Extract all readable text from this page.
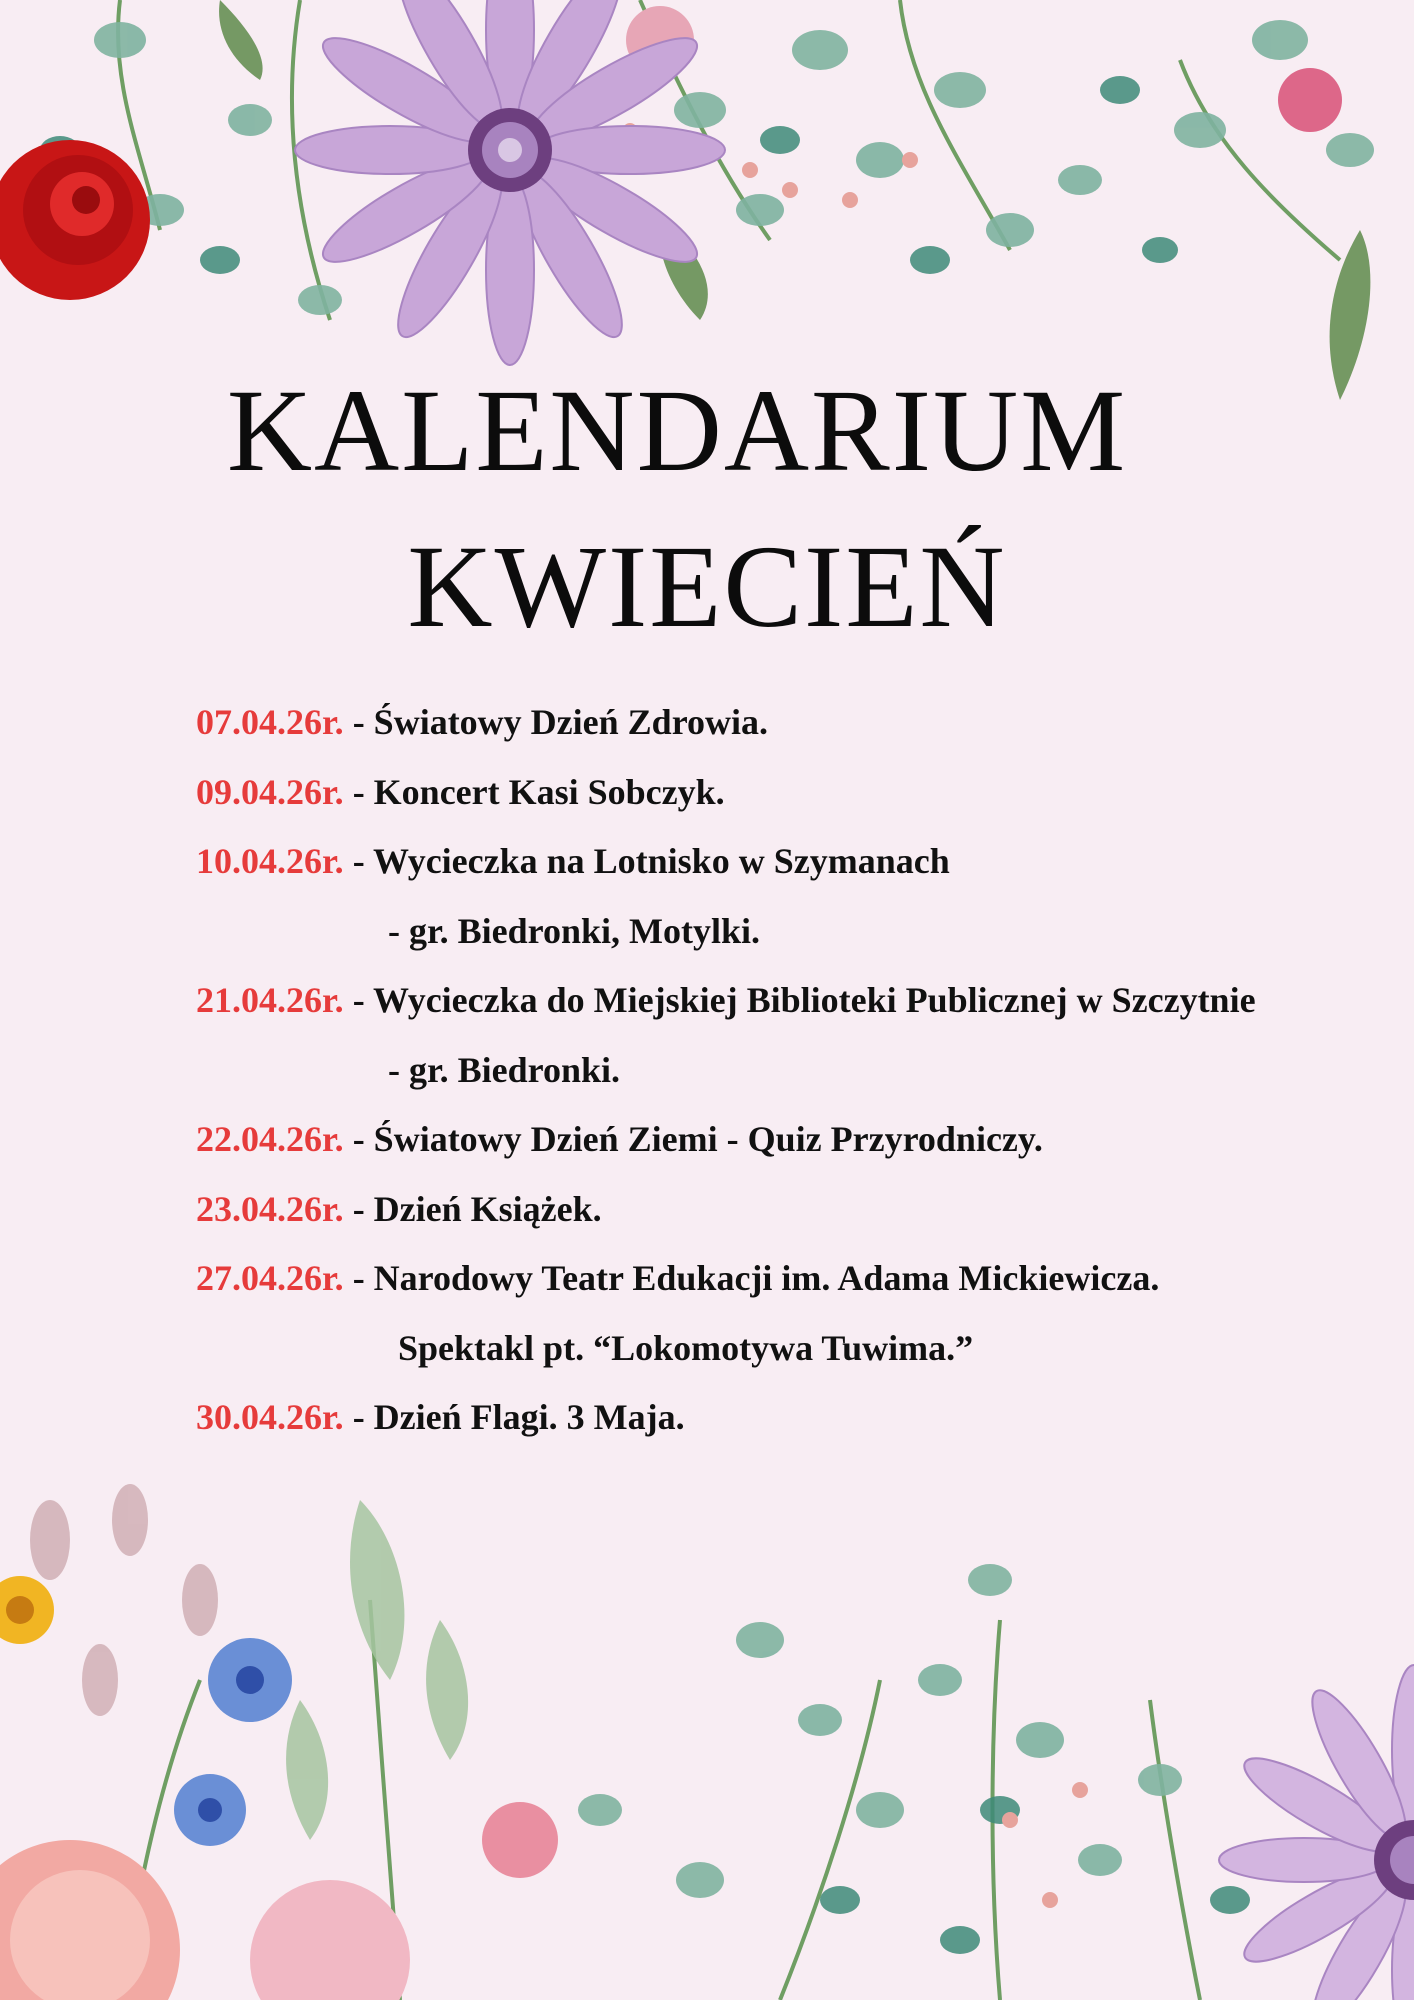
KALENDARIUM
KWIECIEŃ
07.04.26r. - Światowy Dzień Zdrowia.
09.04.26r. - Koncert Kasi Sobczyk.
10.04.26r. - Wycieczka na Lotnisko w Szymanach
- gr. Biedronki, Motylki.
21.04.26r. - Wycieczka do Miejskiej Biblioteki Publicznej w Szczytnie
- gr. Biedronki.
22.04.26r. - Światowy Dzień Ziemi - Quiz Przyrodniczy.
23.04.26r. - Dzień Książek.
27.04.26r. - Narodowy Teatr Edukacji im. Adama Mickiewicza.
Spektakl pt. “Lokomotywa Tuwima.”
30.04.26r. - Dzień Flagi. 3 Maja.
